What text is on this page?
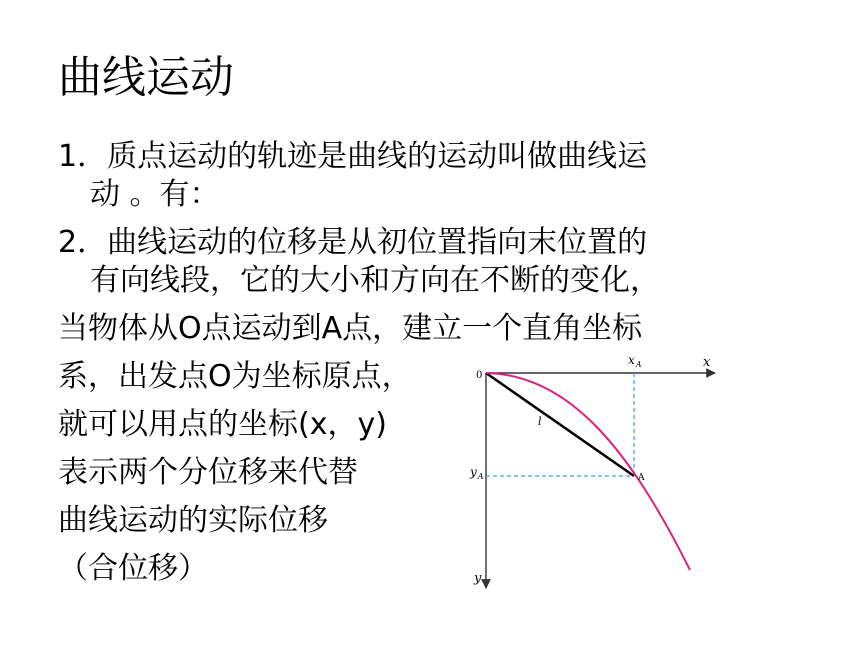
曲线运动
1．质点运动的轨迹是曲线的运动叫做曲线运
动 。有：
2．曲线运动的位移是从初位置指向末位置的
有向线段，它的大小和方向在不断的变化，
当物体从O点运动到A点，建立一个直角坐标
系，出发点O为坐标原点，
就可以用点的坐标(x，y)
表示两个分位移来代替
曲线运动的实际位移
（合位移）
0
x
y
$x_A$
$y_A$	A
l
